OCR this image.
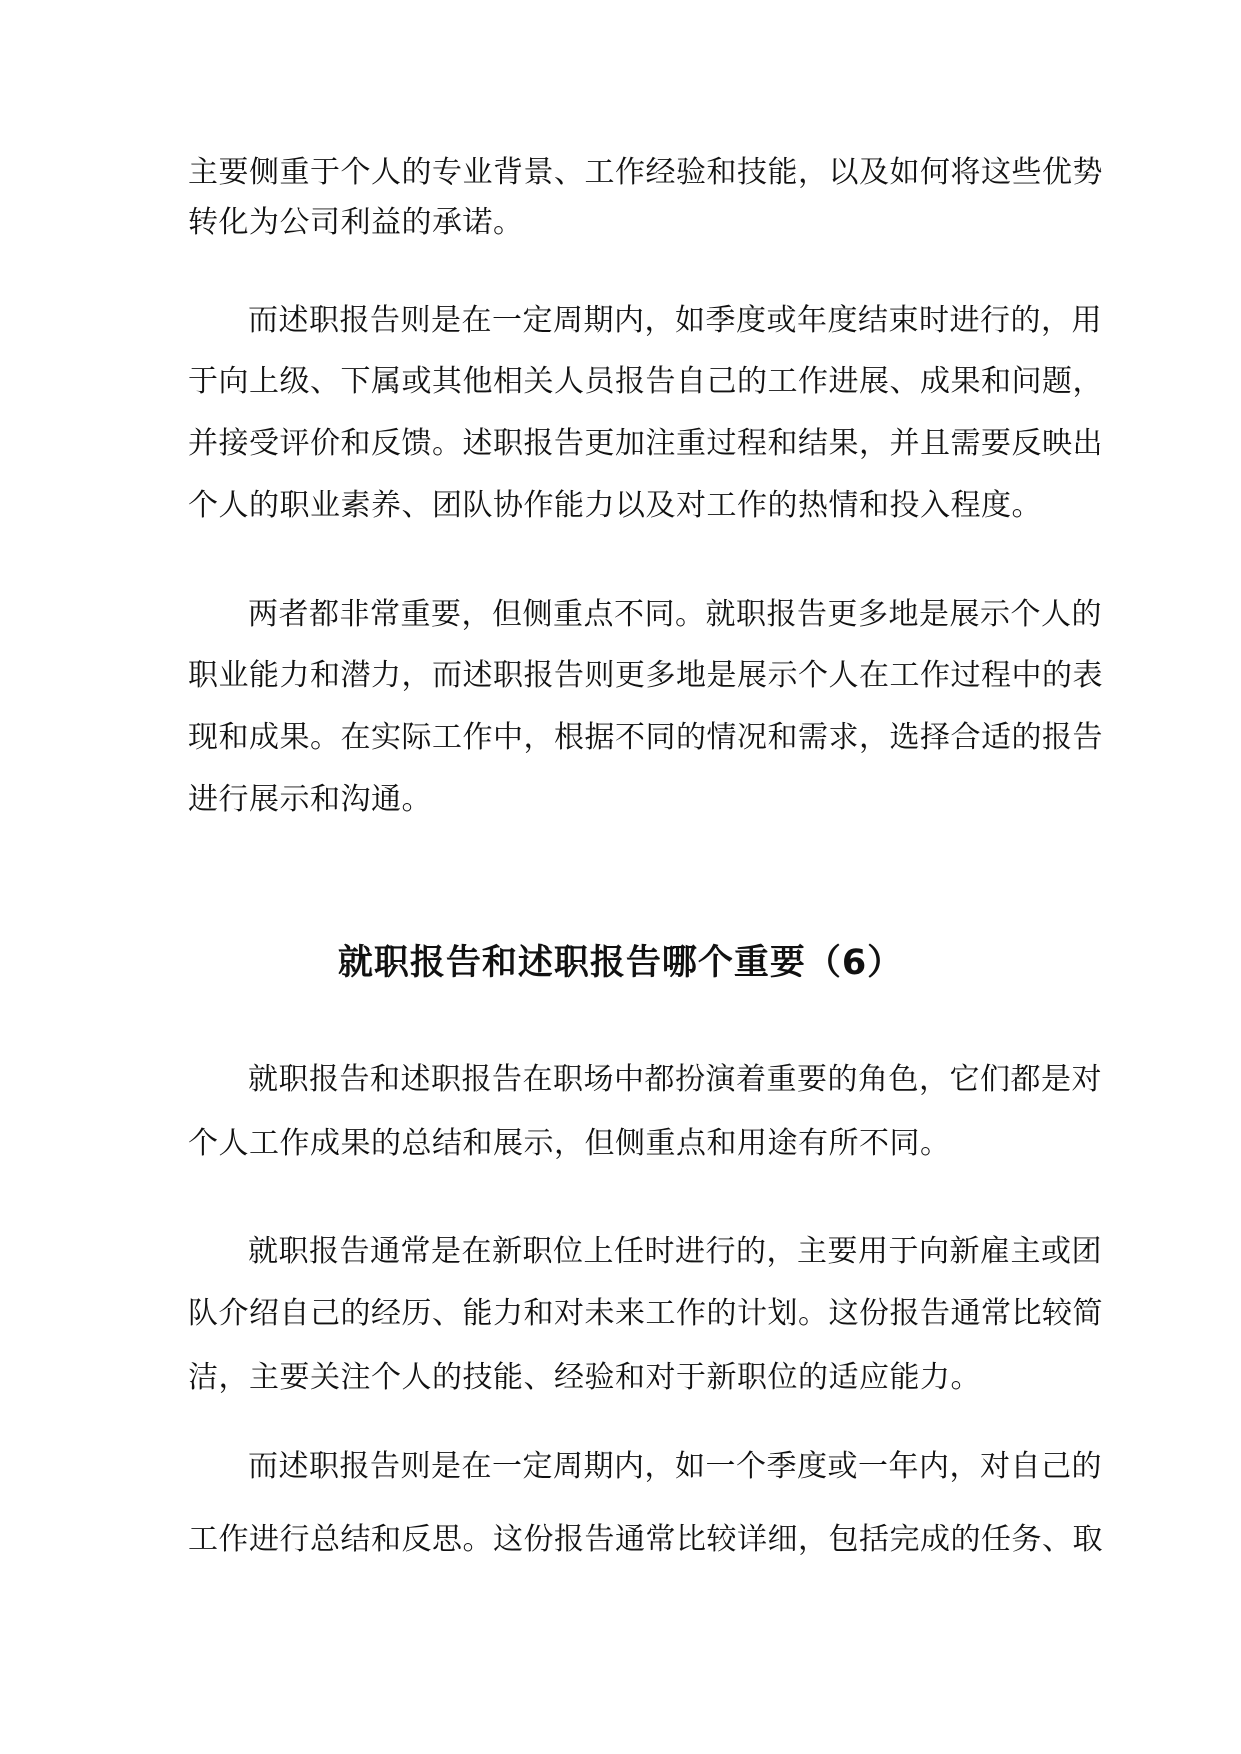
主要侧重于个人的专业背景、工作经验和技能，以及如何将这些优势
转化为公司利益的承诺。
而述职报告则是在一定周期内，如季度或年度结束时进行的，用
于向上级、下属或其他相关人员报告自己的工作进展、成果和问题，
并接受评价和反馈。述职报告更加注重过程和结果，并且需要反映出
个人的职业素养、团队协作能力以及对工作的热情和投入程度。
两者都非常重要，但侧重点不同。就职报告更多地是展示个人的
职业能力和潜力，而述职报告则更多地是展示个人在工作过程中的表
现和成果。在实际工作中，根据不同的情况和需求，选择合适的报告
进行展示和沟通。
就职报告和述职报告哪个重要（6）
就职报告和述职报告在职场中都扮演着重要的角色，它们都是对
个人工作成果的总结和展示，但侧重点和用途有所不同。
就职报告通常是在新职位上任时进行的，主要用于向新雇主或团
队介绍自己的经历、能力和对未来工作的计划。这份报告通常比较简
洁，主要关注个人的技能、经验和对于新职位的适应能力。
而述职报告则是在一定周期内，如一个季度或一年内，对自己的
工作进行总结和反思。这份报告通常比较详细，包括完成的任务、取
